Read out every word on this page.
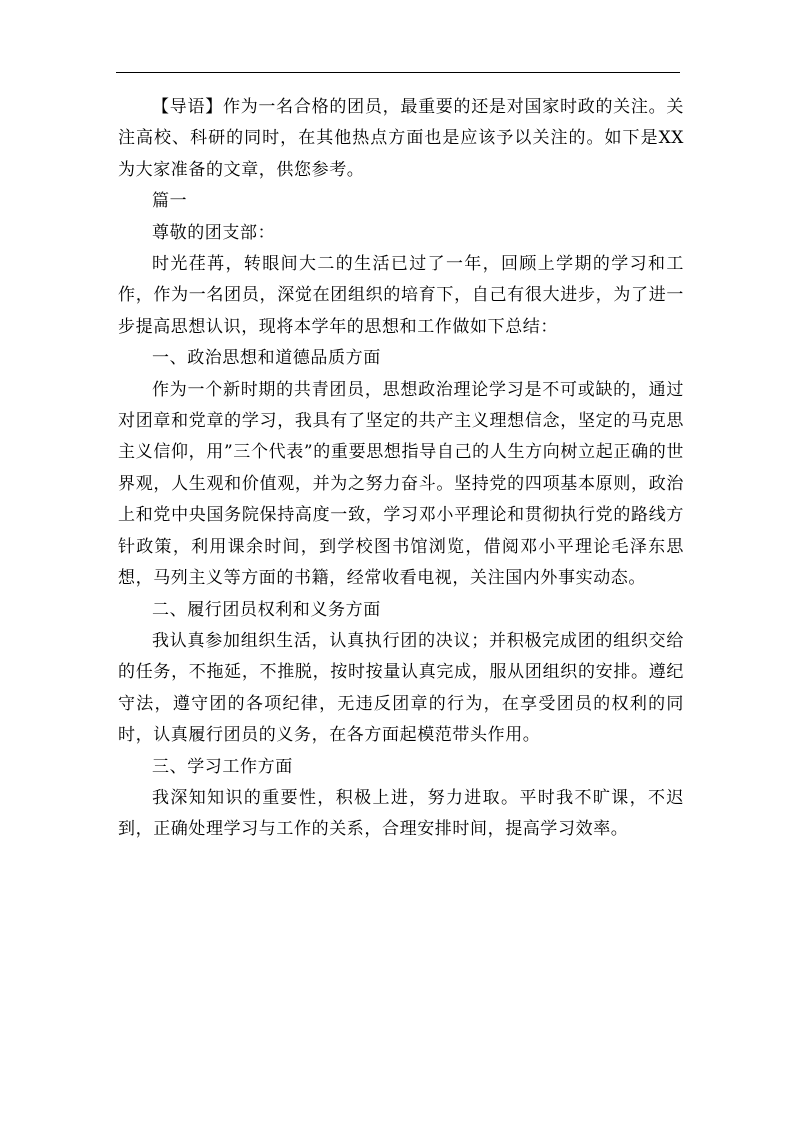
【导语】作为一名合格的团员，最重要的还是对国家时政的关注。关注高校、科研的同时，在其他热点方面也是应该予以关注的。如下是XX为大家准备的文章，供您参考。

篇一

尊敬的团支部：

时光荏苒，转眼间大二的生活已过了一年，回顾上学期的学习和工作，作为一名团员，深觉在团组织的培育下，自己有很大进步，为了进一步提高思想认识，现将本学年的思想和工作做如下总结：

一、政治思想和道德品质方面

作为一个新时期的共青团员，思想政治理论学习是不可或缺的，通过对团章和党章的学习，我具有了坚定的共产主义理想信念，坚定的马克思主义信仰，用”三个代表”的重要思想指导自己的人生方向树立起正确的世界观，人生观和价值观，并为之努力奋斗。坚持党的四项基本原则，政治上和党中央国务院保持高度一致，学习邓小平理论和贯彻执行党的路线方针政策，利用课余时间，到学校图书馆浏览，借阅邓小平理论毛泽东思想，马列主义等方面的书籍，经常收看电视，关注国内外事实动态。

二、履行团员权利和义务方面

我认真参加组织生活，认真执行团的决议；并积极完成团的组织交给的任务，不拖延，不推脱，按时按量认真完成，服从团组织的安排。遵纪守法，遵守团的各项纪律，无违反团章的行为，在享受团员的权利的同时，认真履行团员的义务，在各方面起模范带头作用。

三、学习工作方面

我深知知识的重要性，积极上进，努力进取。平时我不旷课，不迟到，正确处理学习与工作的关系，合理安排时间，提高学习效率。
